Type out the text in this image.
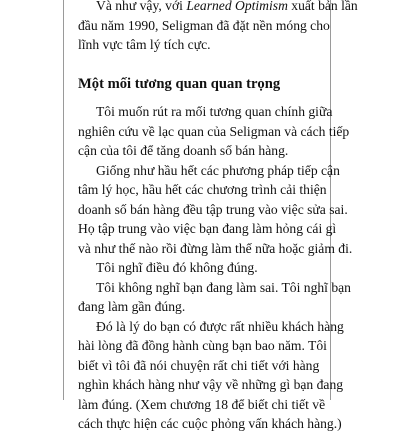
Và như vậy, với Learned Optimism xuất bản lần
đầu năm 1990, Seligman đã đặt nền móng cho
lĩnh vực tâm lý tích cực.

Một mối tương quan quan trọng

Tôi muốn rút ra mối tương quan chính giữa
nghiên cứu về lạc quan của Seligman và cách tiếp
cận của tôi để tăng doanh số bán hàng.

Giống như hầu hết các phương pháp tiếp cận
tâm lý học, hầu hết các chương trình cải thiện
doanh số bán hàng đều tập trung vào việc sửa sai.
Họ tập trung vào việc bạn đang làm hỏng cái gì
và như thế nào rồi đừng làm thế nữa hoặc giảm đi.

Tôi nghĩ điều đó không đúng.

Tôi không nghĩ bạn đang làm sai. Tôi nghĩ bạn
đang làm gần đúng.

Đó là lý do bạn có được rất nhiều khách hàng
hài lòng đã đồng hành cùng bạn bao năm. Tôi
biết vì tôi đã nói chuyện rất chi tiết với hàng
nghìn khách hàng như vậy về những gì bạn đang
làm đúng. (Xem chương 18 để biết chi tiết về
cách thực hiện các cuộc phỏng vấn khách hàng.)
